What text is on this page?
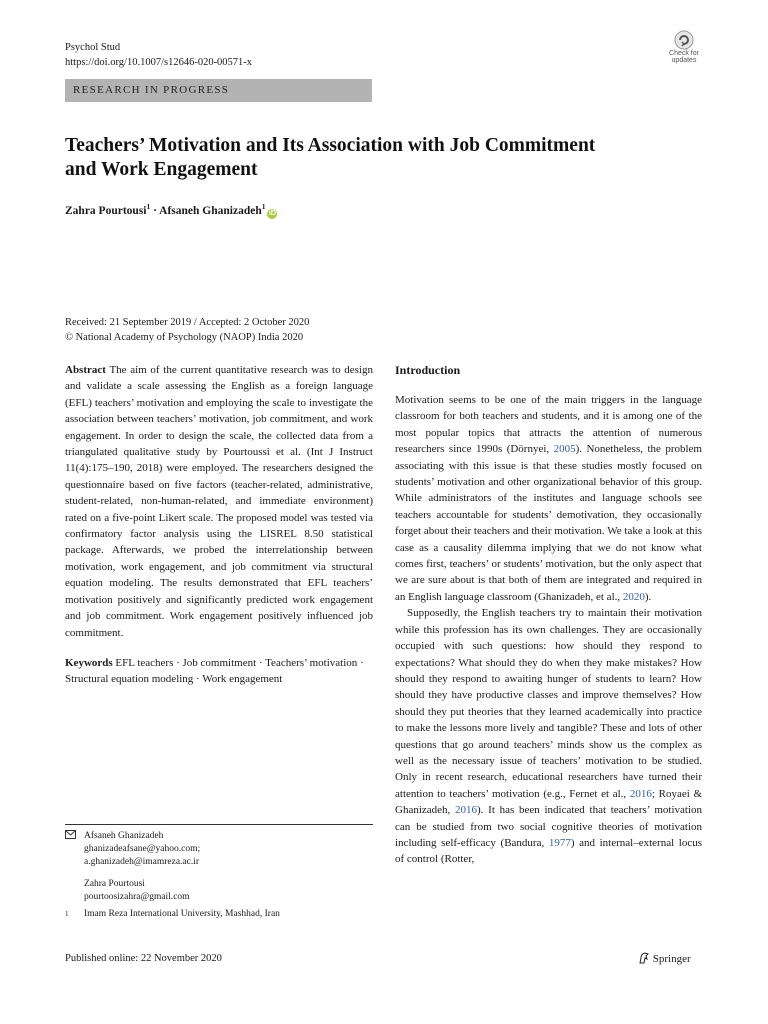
Psychol Stud
https://doi.org/10.1007/s12646-020-00571-x
Check for
updates
RESEARCH IN PROGRESS
Teachers’ Motivation and Its Association with Job Commitment
and Work Engagement
Zahra Pourtousi$^1$ · Afsaneh Ghanizadeh$^1$iD
Received: 21 September 2019 / Accepted: 2 October 2020
© National Academy of Psychology (NAOP) India 2020

Abstract The aim of the current quantitative research was to design and validate a scale assessing the English as a foreign language (EFL) teachers’ motivation and employing the scale to investigate the association between teachers’ motivation, job commitment, and work engagement. In order to design the scale, the collected data from a triangulated qualitative study by Pourtoussi et al. (Int J Instruct 11(4):175–190, 2018) were employed. The researchers designed the questionnaire based on five factors (teacher-related, administrative, student-related, non-human-related, and immediate environment) rated on a five-point Likert scale. The proposed model was tested via confirmatory factor analysis using the LISREL 8.50 statistical package. Afterwards, we probed the interrelationship between motivation, work engagement, and job commitment via structural equation modeling. The results demonstrated that EFL teachers’ motivation positively and significantly predicted work engagement and job commitment. Work engagement positively influenced job commitment.

Keywords EFL teachers · Job commitment · Teachers’ motivation · Structural equation modeling · Work engagement

Introduction

Motivation seems to be one of the main triggers in the language classroom for both teachers and students, and it is among one of the most popular topics that attracts the attention of numerous researchers since 1990s (Dörnyei, 2005). Nonetheless, the problem associating with this issue is that these studies mostly focused on students’ motivation and other organizational behavior of this group. While administrators of the institutes and language schools see teachers accountable for students’ demotivation, they occasionally forget about their teachers and their motivation. We take a look at this case as a causality dilemma implying that we do not know what comes first, teachers’ or students’ motivation, but the only aspect that we are sure about is that both of them are integrated and required in an English language classroom (Ghanizadeh, et al., 2020).

Supposedly, the English teachers try to maintain their motivation while this profession has its own challenges. They are occasionally occupied with such questions: how should they respond to expectations? What should they do when they make mistakes? How should they respond to awaiting hunger of students to learn? How should they have productive classes and improve themselves? How should they put theories that they learned academically into practice to make the lessons more lively and tangible? These and lots of other questions that go around teachers’ minds show us the complex as well as the necessary issue of teachers’ motivation to be studied. Only in recent research, educational researchers have turned their attention to teachers’ motivation (e.g., Fernet et al., 2016; Royaei & Ghanizadeh, 2016). It has been indicated that teachers’ motivation can be studied from two social cognitive theories of motivation including self-efficacy (Bandura, 1977) and internal–external locus of control (Rotter,

Afsaneh Ghanizadeh
ghanizadeafsane@yahoo.com;
a.ghanizadeh@imamreza.ac.ir
Zahra Pourtousi
pourtoosizahra@gmail.com
1	Imam Reza International University, Mashhad, Iran
Published online: 22 November 2020	Springer
